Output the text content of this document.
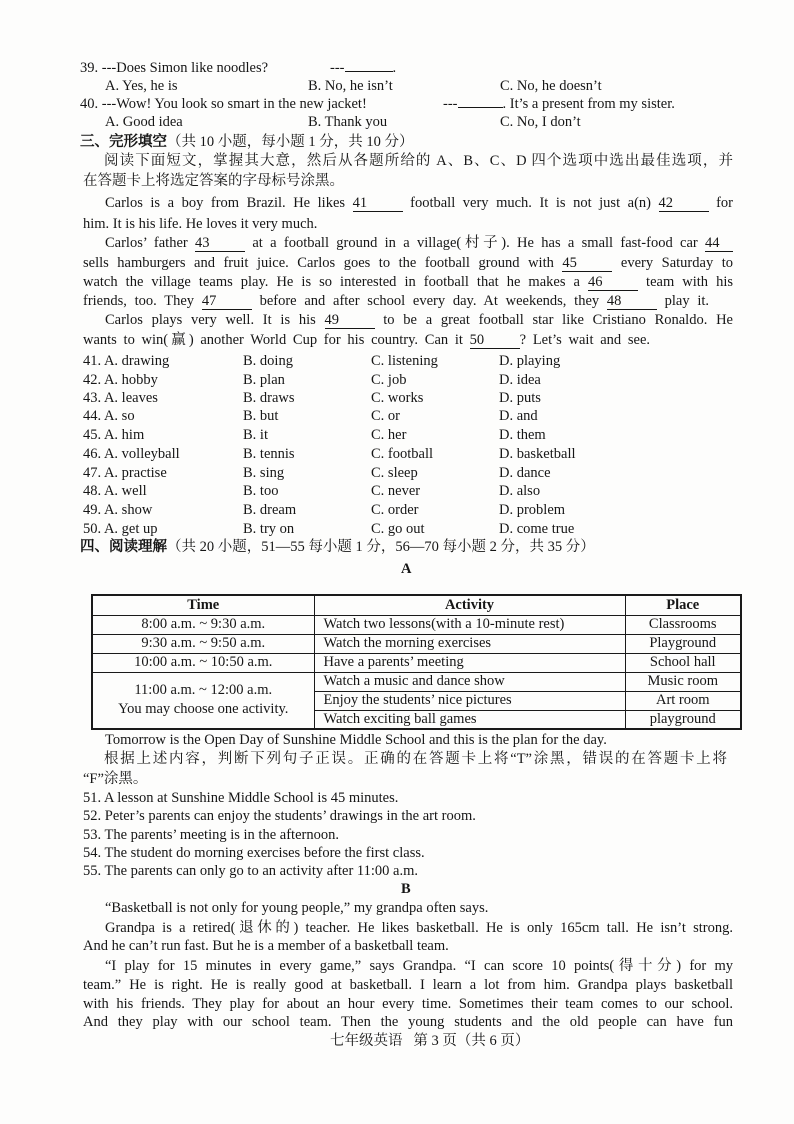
39. ---Does Simon like noodles?	---	.
A. Yes, he is	B. No, he isn’t	C. No, he doesn’t
40. ---Wow! You look so smart in the new jacket!	---	. It’s a present from my sister.
A. Good idea	B. Thank you	C. No, I don’t
三、完形填空（共 10 小题，每小题 1 分，共 10 分）
阅读下面短文，掌握其大意，然后从各题所给的 A、B、C、D 四个选项中选出最佳选项，并
在答题卡上将选定答案的字母标号涂黑。
Carlos is a boy from Brazil. He likes 41	football very much. It is not just a(n) 42	for
him. It is his life. He loves it very much.
Carlos’ father 43	at a football ground in a village(村子). He has a small fast-food car 44
sells hamburgers and fruit juice. Carlos goes to the football ground with 45	every Saturday to
watch the village teams play. He is so interested in football that he makes a 46	team with his
friends, too. They 47	before and after school every day. At weekends, they 48	play it.
Carlos plays very well. It is his 49	to be a great football star like Cristiano Ronaldo. He
wants to win(赢) another World Cup for his country. Can it 50 ? Let’s wait and see.
41. A. drawing	B. doing	C. listening	D. playing
42. A. hobby	B. plan	C. job	D. idea
43. A. leaves	B. draws	C. works	D. puts
44. A. so	B. but	C. or	D. and
45. A. him	B. it	C. her	D. them
46. A. volleyball	B. tennis	C. football	D. basketball
47. A. practise	B. sing	C. sleep	D. dance
48. A. well	B. too	C. never	D. also
49. A. show	B. dream	C. order	D. problem
50. A. get up	B. try on	C. go out	D. come true
四、阅读理解（共 20 小题，51—55 每小题 1 分，56—70 每小题 2 分，共 35 分）
A
Time	Activity	Place
8:00 a.m. ~ 9:30 a.m.	Watch two lessons(with a 10-minute rest)	Classrooms
9:30 a.m. ~ 9:50 a.m.	Watch the morning exercises	Playground
10:00 a.m. ~ 10:50 a.m.	Have a parents’ meeting	School hall

11:00 a.m. ~ 12:00 a.m.
You may choose one activity.	Watch a music and dance show	Music room
	Enjoy the students’ nice pictures	Art room
	Watch exciting ball games	playground
Tomorrow is the Open Day of Sunshine Middle School and this is the plan for the day.
根据上述内容，判断下列句子正误。正确的在答题卡上将“T”涂黑，错误的在答题卡上将
“F”涂黑。
51. A lesson at Sunshine Middle School is 45 minutes.
52. Peter’s parents can enjoy the students’ drawings in the art room.
53. The parents’ meeting is in the afternoon.
54. The student do morning exercises before the first class.
55. The parents can only go to an activity after 11:00 a.m.
B
“Basketball is not only for young people,” my grandpa often says.
Grandpa is a retired(退休的) teacher. He likes basketball. He is only 165cm tall. He isn’t strong.
And he can’t run fast. But he is a member of a basketball team.
“I play for 15 minutes in every game,” says Grandpa. “I can score 10 points(得十分) for my
team.” He is right. He is really good at basketball. I learn a lot from him. Grandpa plays basketball
with his friends. They play for about an hour every time. Sometimes their team comes to our school.
And they play with our school team. Then the young students and the old people can have fun
七年级英语   第 3 页（共 6 页）
